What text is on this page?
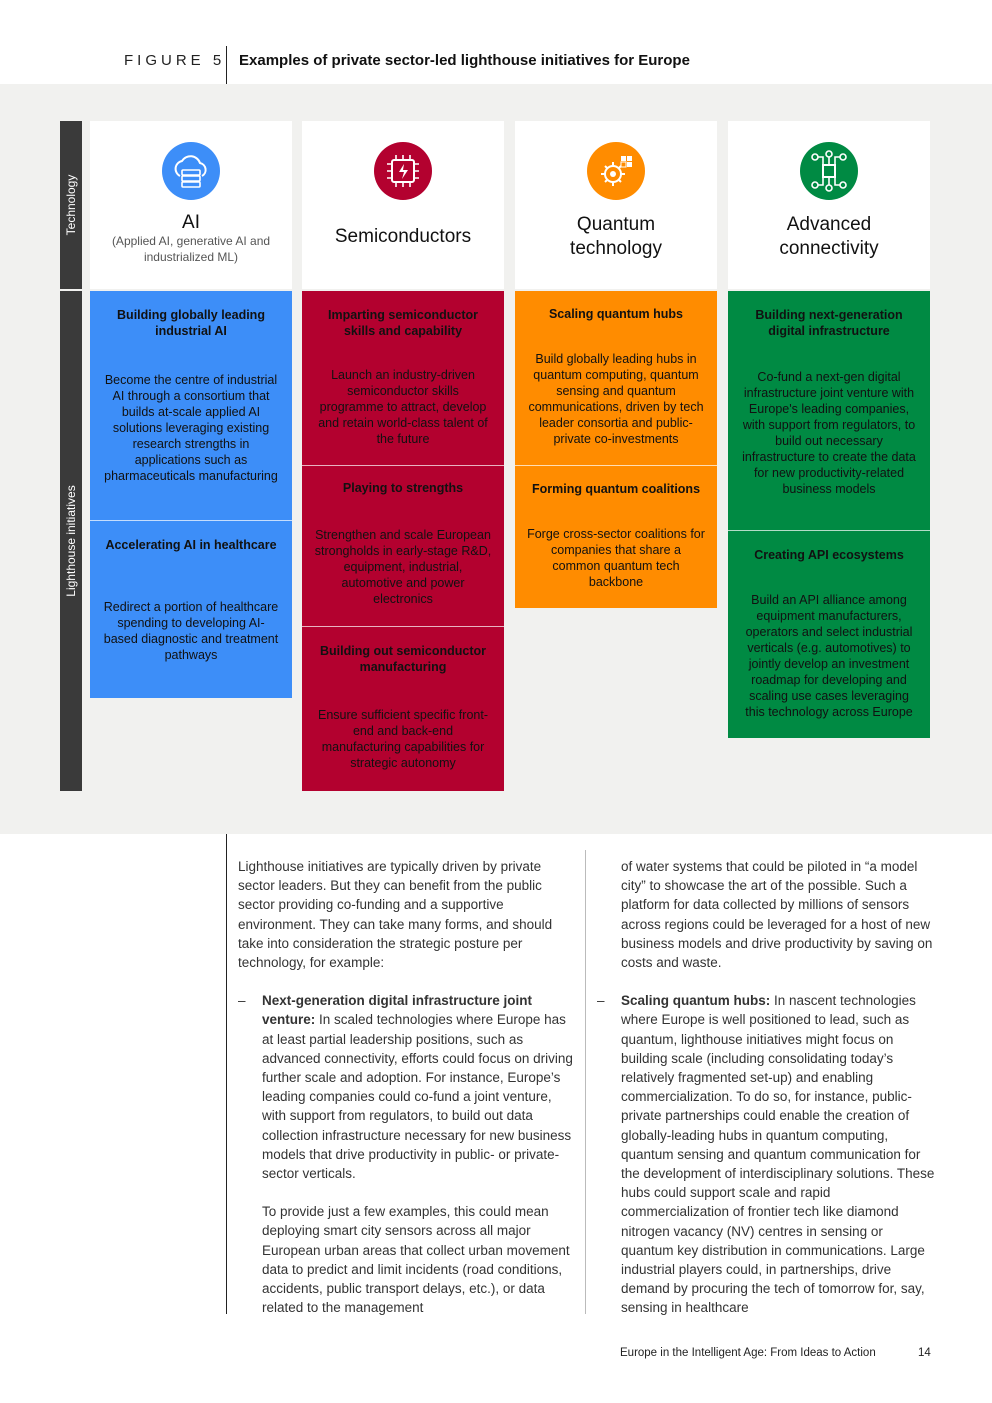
FIGURE 5 Examples of private sector-led lighthouse initiatives for Europe
Technology
Lighthouse initiatives
AI
(Applied AI, generative AI and industrialized ML)
Semiconductors
Quantum technology
Advanced connectivity
Building globally leading industrial AI
Become the centre of industrial AI through a consortium that builds at-scale applied AI solutions leveraging existing research strengths in applications such as pharmaceuticals manufacturing
Accelerating AI in healthcare
Redirect a portion of healthcare spending to developing AI-based diagnostic and treatment pathways
Imparting semiconductor skills and capability
Launch an industry-driven semiconductor skills programme to attract, develop and retain world-class talent of the future
Playing to strengths
Strengthen and scale European strongholds in early-stage R&D, equipment, industrial, automotive and power electronics
Building out semiconductor manufacturing
Ensure sufficient specific front-end and back-end manufacturing capabilities for strategic autonomy
Scaling quantum hubs
Build globally leading hubs in quantum computing, quantum sensing and quantum communications, driven by tech leader consortia and public-private co-investments
Forming quantum coalitions
Forge cross-sector coalitions for companies that share a common quantum tech backbone
Building next-generation digital infrastructure
Co-fund a next-gen digital infrastructure joint venture with Europe's leading companies, with support from regulators, to build out necessary infrastructure to create the data for new productivity-related business models
Creating API ecosystems
Build an API alliance among equipment manufacturers, operators and select industrial verticals (e.g. automotives) to jointly develop an investment roadmap for developing and scaling use cases leveraging this technology across Europe

Lighthouse initiatives are typically driven by private sector leaders. But they can benefit from the public sector providing co-funding and a supportive environment. They can take many forms, and should take into consideration the strategic posture per technology, for example:

– Next-generation digital infrastructure joint venture: In scaled technologies where Europe has at least partial leadership positions, such as advanced connectivity, efforts could focus on driving further scale and adoption. For instance, Europe’s leading companies could co-fund a joint venture, with support from regulators, to build out data collection infrastructure necessary for new business models that drive productivity in public- or private-sector verticals.

To provide just a few examples, this could mean deploying smart city sensors across all major European urban areas that collect urban movement data to predict and limit incidents (road conditions, accidents, public transport delays, etc.), or data related to the management

of water systems that could be piloted in “a model city” to showcase the art of the possible. Such a platform for data collected by millions of sensors across regions could be leveraged for a host of new business models and drive productivity by saving on costs and waste.

– Scaling quantum hubs: In nascent technologies where Europe is well positioned to lead, such as quantum, lighthouse initiatives might focus on building scale (including consolidating today’s relatively fragmented set-up) and enabling commercialization. To do so, for instance, public-private partnerships could enable the creation of globally-leading hubs in quantum computing, quantum sensing and quantum communication for the development of interdisciplinary solutions. These hubs could support scale and rapid commercialization of frontier tech like diamond nitrogen vacancy (NV) centres in sensing or quantum key distribution in communications. Large industrial players could, in partnerships, drive demand by procuring the tech of tomorrow for, say, sensing in healthcare

Europe in the Intelligent Age: From Ideas to Action	14
